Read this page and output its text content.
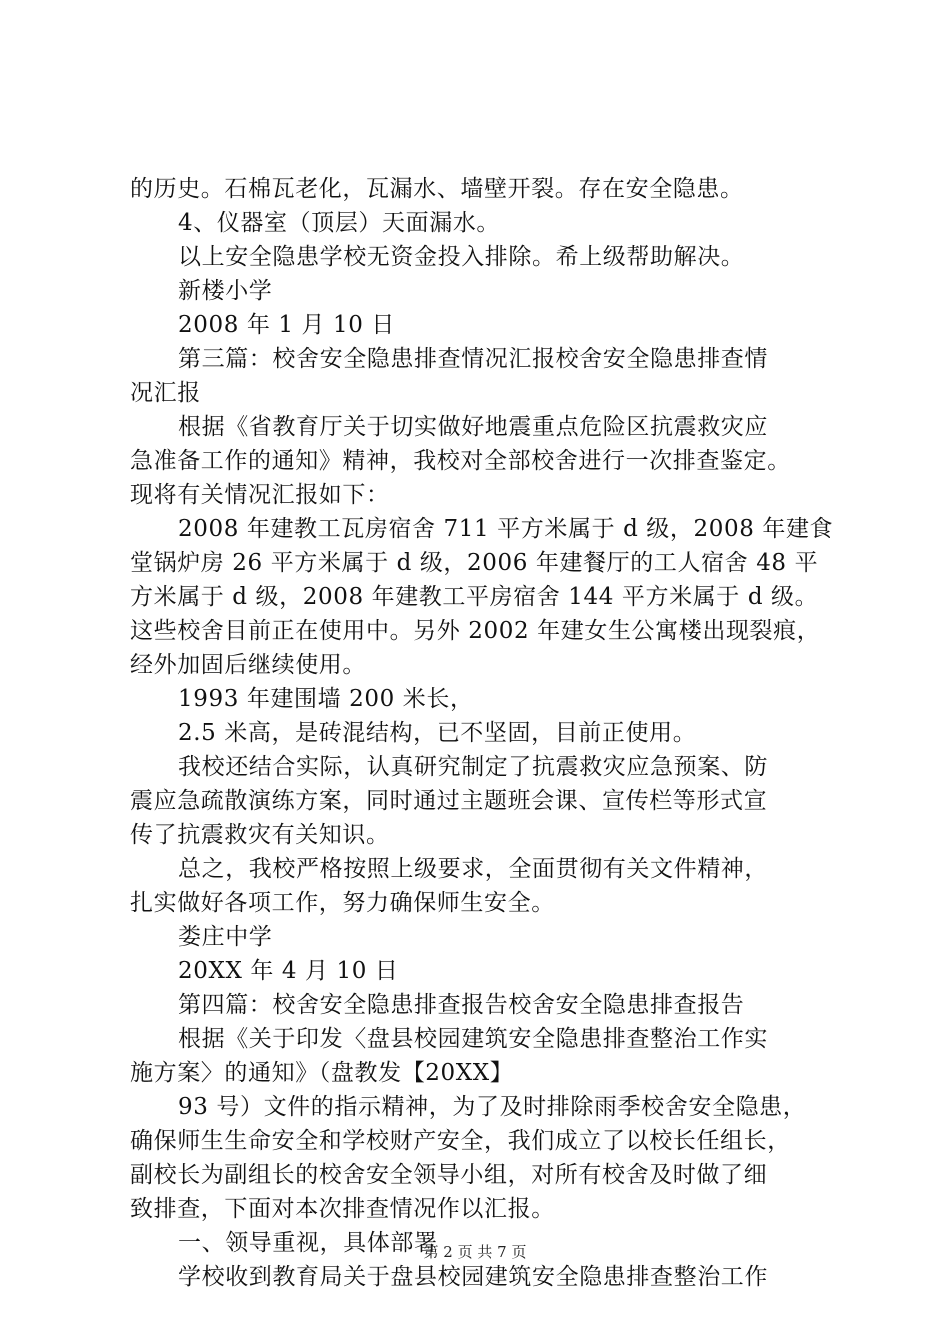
的历史。石棉瓦老化，瓦漏水、墙壁开裂。存在安全隐患。
4、仪器室（顶层）天面漏水。
以上安全隐患学校无资金投入排除。希上级帮助解决。
新楼小学
2008 年 1 月 10 日
第三篇：校舍安全隐患排查情况汇报校舍安全隐患排查情
况汇报
根据《省教育厅关于切实做好地震重点危险区抗震救灾应
急准备工作的通知》精神，我校对全部校舍进行一次排查鉴定。
现将有关情况汇报如下：
2008 年建教工瓦房宿舍 711 平方米属于 d 级，2008 年建食
堂锅炉房 26 平方米属于 d 级，2006 年建餐厅的工人宿舍 48 平
方米属于 d 级，2008 年建教工平房宿舍 144 平方米属于 d 级。
这些校舍目前正在使用中。另外 2002 年建女生公寓楼出现裂痕，
经外加固后继续使用。
1993 年建围墙 200 米长，
2.5 米高，是砖混结构，已不坚固，目前正使用。
我校还结合实际，认真研究制定了抗震救灾应急预案、防
震应急疏散演练方案，同时通过主题班会课、宣传栏等形式宣
传了抗震救灾有关知识。
总之，我校严格按照上级要求，全面贯彻有关文件精神，
扎实做好各项工作，努力确保师生安全。
娄庄中学
20XX 年 4 月 10 日
第四篇：校舍安全隐患排查报告校舍安全隐患排查报告
根据《关于印发〈盘县校园建筑安全隐患排查整治工作实
施方案〉的通知》（盘教发【20XX】
93 号）文件的指示精神，为了及时排除雨季校舍安全隐患，
确保师生生命安全和学校财产安全，我们成立了以校长任组长，
副校长为副组长的校舍安全领导小组，对所有校舍及时做了细
致排查，下面对本次排查情况作以汇报。
一、领导重视，具体部署
学校收到教育局关于盘县校园建筑安全隐患排查整治工作
第 2 页 共 7 页
